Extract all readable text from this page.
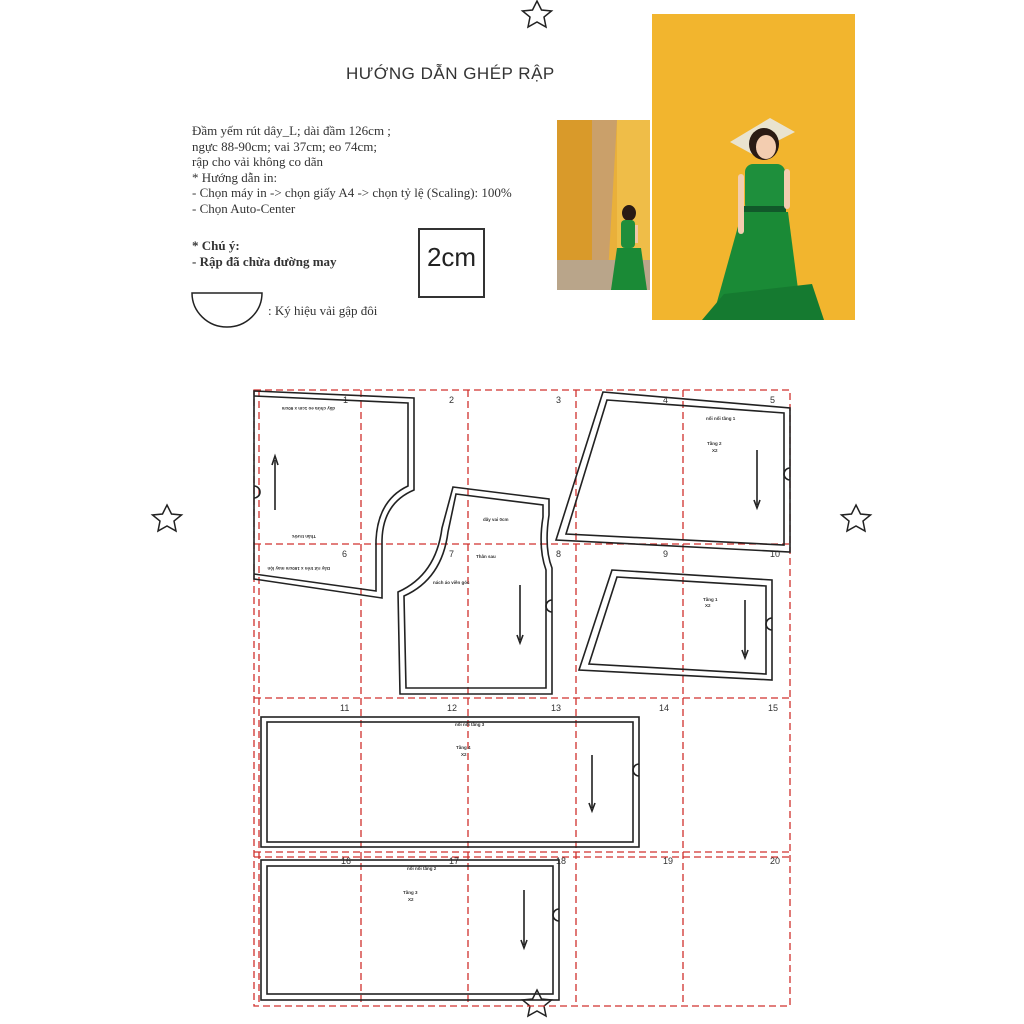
HƯỚNG DẪN GHÉP RẬP
Đầm yếm rút dây_L; dài đầm 126cm ;
ngực 88-90cm; vai 37cm; eo 74cm;
rập cho vải không co dãn
* Hướng dẫn in:
- Chọn máy in -> chọn giấy A4 -> chọn tỷ lệ (Scaling): 100%
- Chọn Auto-Center
* Chú ý:
- Rập đã chừa đường may	2cm
: Ký hiệu vải gập đôi
1	2	3	4	5
6	7	8	9	10
11	12	13	14	15
16	17	18	19	20
dây chừa eo 1cm x 60cm
Thân trước
Dây rút trên x 160cm may lộn
dây vai 0cm
Thân sau
nách áo viền góc
nối nối tầng 1
Tầng 2
X2
Tầng 1
X2
nối nối tầng 3
Tầng 4
X2
nối nối tầng 2
Tầng 3
X2
